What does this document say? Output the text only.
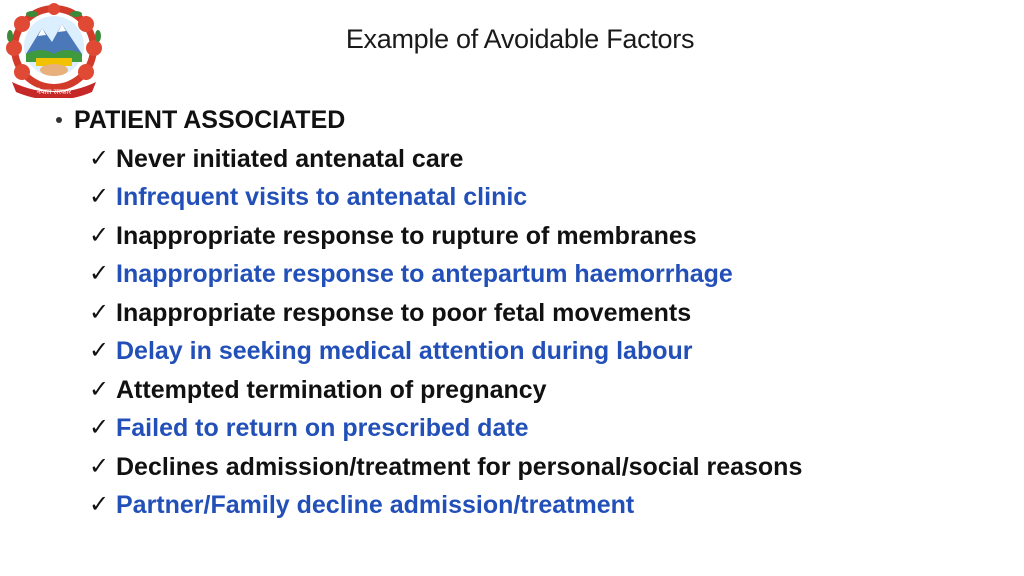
नेपाल सरकार
Example of Avoidable Factors
PATIENT ASSOCIATED
✓ Never initiated antenatal care
✓ Infrequent visits to antenatal clinic
✓ Inappropriate response to rupture of membranes
✓ Inappropriate response to antepartum haemorrhage
✓ Inappropriate response to poor fetal movements
✓ Delay in seeking medical attention during labour
✓ Attempted termination of pregnancy
✓ Failed to return on prescribed date
✓ Declines admission/treatment for personal/social reasons
✓ Partner/Family decline admission/treatment
